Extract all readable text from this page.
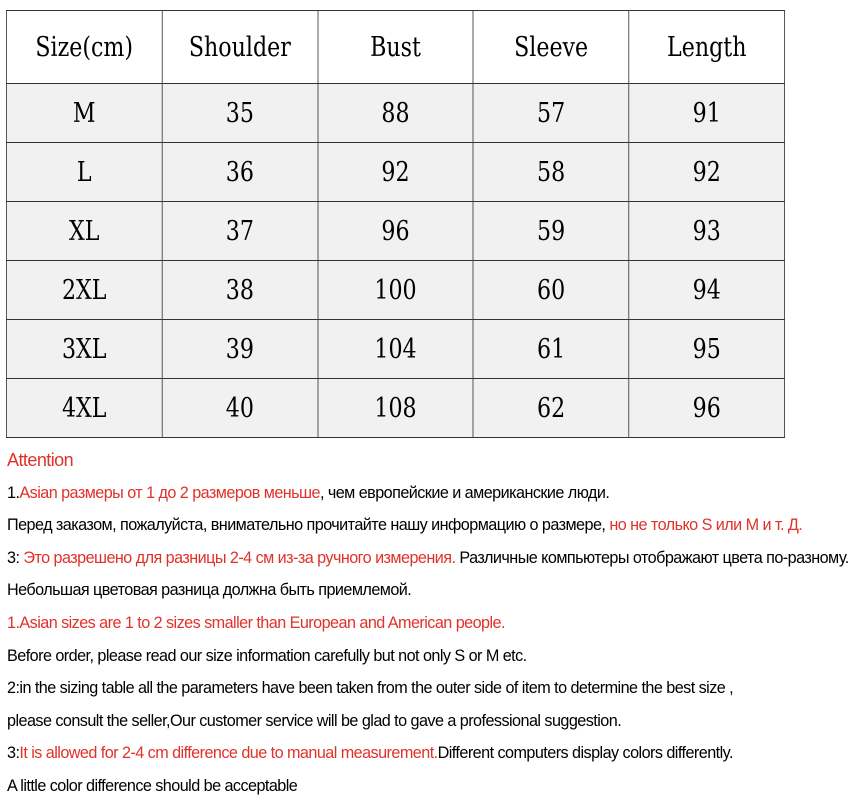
Size(cm)	Shoulder	Bust	Sleeve	Length
M	35	88	57	91
L	36	92	58	92
XL	37	96	59	93
2XL	38	100	60	94
3XL	39	104	61	95
4XL	40	108	62	96
Attention
1.Asian размеры от 1 до 2 размеров меньше, чем европейские и американские люди.
Перед заказом, пожалуйста, внимательно прочитайте нашу информацию о размере, но не только S или M и т. Д.
3: Это разрешено для разницы 2-4 см из-за ручного измерения. Различные компьютеры отображают цвета по-разному.
Небольшая цветовая разница должна быть приемлемой.
1.Asian sizes are 1 to 2 sizes smaller than European and American people.
Before order, please read our size information carefully but not only S or M etc.
2:in the sizing table all the parameters have been taken from the outer side of item to determine the best size ,
please consult the seller,Our customer service will be glad to gave a professional suggestion.
3:It is allowed for 2-4 cm difference due to manual measurement.Different computers display colors differently.
A little color difference should be acceptable
